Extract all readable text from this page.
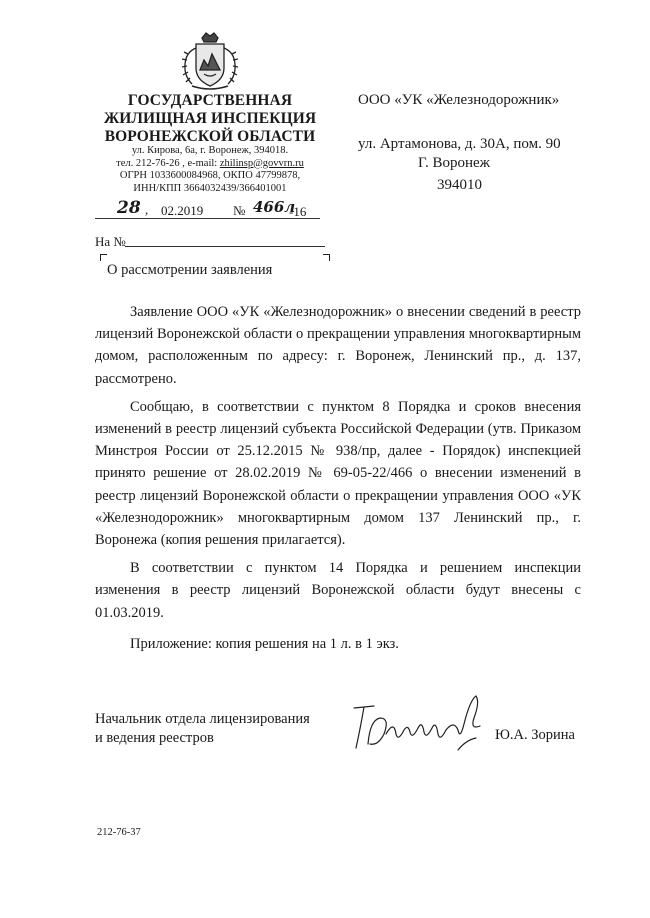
ГОСУДАРСТВЕННАЯ
ЖИЛИЩНАЯ ИНСПЕКЦИЯ
ВОРОНЕЖСКОЙ ОБЛАСТИ
ул. Кирова, 6а, г. Воронеж, 394018.
тел. 212-76-26 , e-mail: zhilinsp@govvrn.ru
ОГРН 1033600084968, ОКПО 47799878,
ИНН/КПП 3664032439/366401001
28 , 02.2019 № 466л
-16
На №
О рассмотрении заявления
ООО «УК «Железнодорожник»
ул. Артамонова, д. 30А, пом. 90
Г. Воронеж
394010

Заявление ООО «УК «Железнодорожник» о внесении сведений в реестр лицензий Воронежской области о прекращении управления многоквартирным домом, расположенным по адресу: г. Воронеж, Ленинский пр., д. 137, рассмотрено.

Сообщаю, в соответствии с пунктом 8 Порядка и сроков внесения изменений в реестр лицензий субъекта Российской Федерации (утв. Приказом Минстроя России от 25.12.2015 № 938/пр, далее - Порядок) инспекцией принято решение от 28.02.2019 № 69-05-22/466 о внесении изменений в реестр лицензий Воронежской области о прекращении управления ООО «УК «Железнодорожник» многоквартирным домом 137 Ленинский пр., г. Воронежа (копия решения прилагается).

В соответствии с пунктом 14 Порядка и решением инспекции изменения в реестр лицензий Воронежской области будут внесены с 01.03.2019.

Приложение: копия решения на 1 л. в 1 экз.
Начальник отдела лицензирования
и ведения реестров	Ю.А. Зорина
212-76-37
